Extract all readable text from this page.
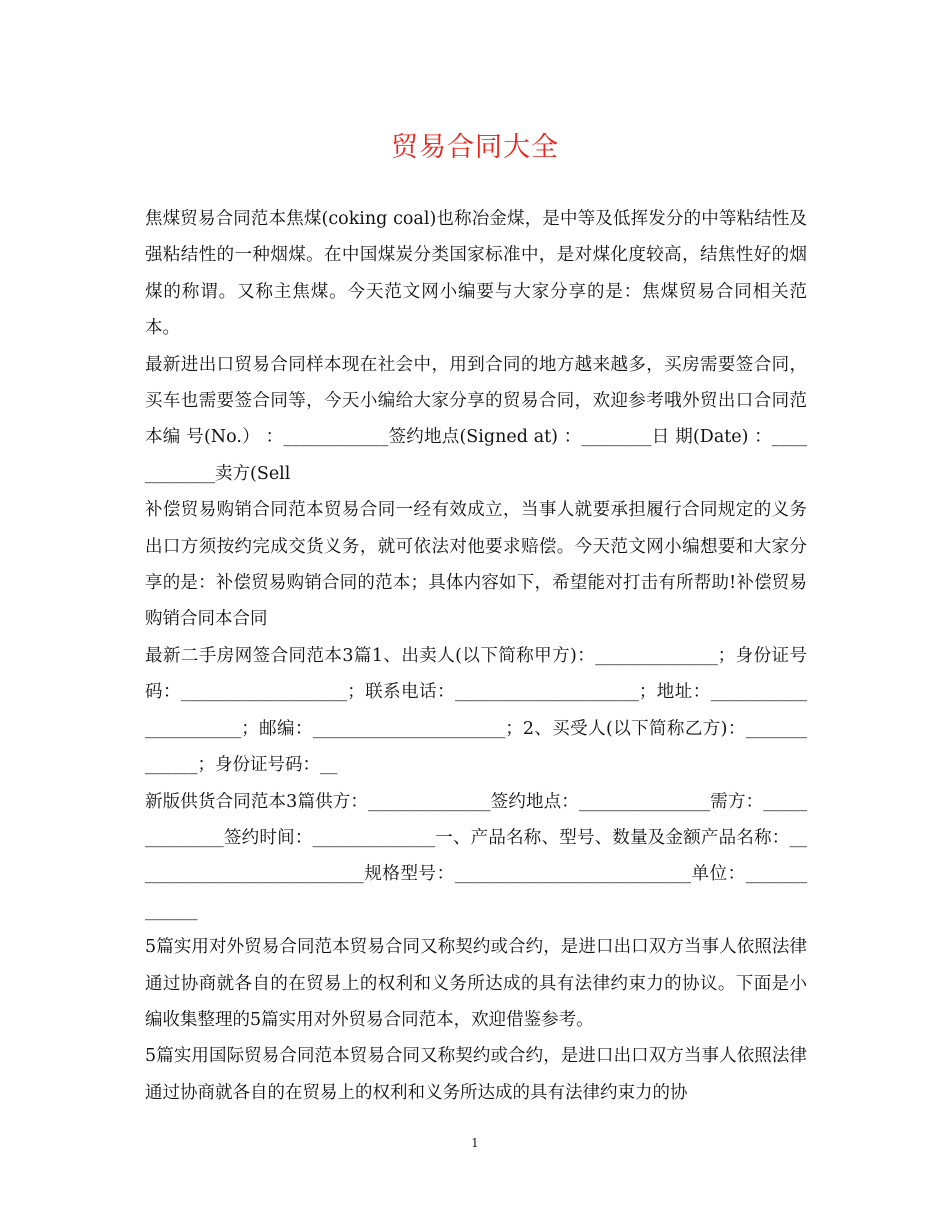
贸易合同大全

焦煤贸易合同范本焦煤(coking coal)也称冶金煤，是中等及低挥发分的中等粘结性及强粘结性的一种烟煤。在中国煤炭分类国家标准中，是对煤化度较高，结焦性好的烟煤的称谓。又称主焦煤。今天范文网小编要与大家分享的是：焦煤贸易合同相关范本。

最新进出口贸易合同样本现在社会中，用到合同的地方越来越多，买房需要签合同，买车也需要签合同等，今天小编给大家分享的贸易合同，欢迎参考哦外贸出口合同范本编 号(No.） ：____________签约地点(Signed at) ：________日 期(Date) ：____________卖方(Sell

补偿贸易购销合同范本贸易合同一经有效成立，当事人就要承担履行合同规定的义务出口方须按约完成交货义务，就可依法对他要求赔偿。今天范文网小编想要和大家分享的是：补偿贸易购销合同的范本；具体内容如下，希望能对打击有所帮助!补偿贸易购销合同本合同

最新二手房网签合同范本3篇1、出卖人(以下简称甲方)：______________；身份证号码：___________________；联系电话：_____________________；地址：______________________；邮编：______________________；2、买受人(以下简称乙方)：_____________；身份证号码：__

新版供货合同范本3篇供方：______________签约地点：_______________需方：______________签约时间：______________一、产品名称、型号、数量及金额产品名称：___________________________规格型号：___________________________单位：_____________

5篇实用对外贸易合同范本贸易合同又称契约或合约，是进口出口双方当事人依照法律通过协商就各自的在贸易上的权利和义务所达成的具有法律约束力的协议。下面是小编收集整理的5篇实用对外贸易合同范本，欢迎借鉴参考。

5篇实用国际贸易合同范本贸易合同又称契约或合约，是进口出口双方当事人依照法律通过协商就各自的在贸易上的权利和义务所达成的具有法律约束力的协

1
